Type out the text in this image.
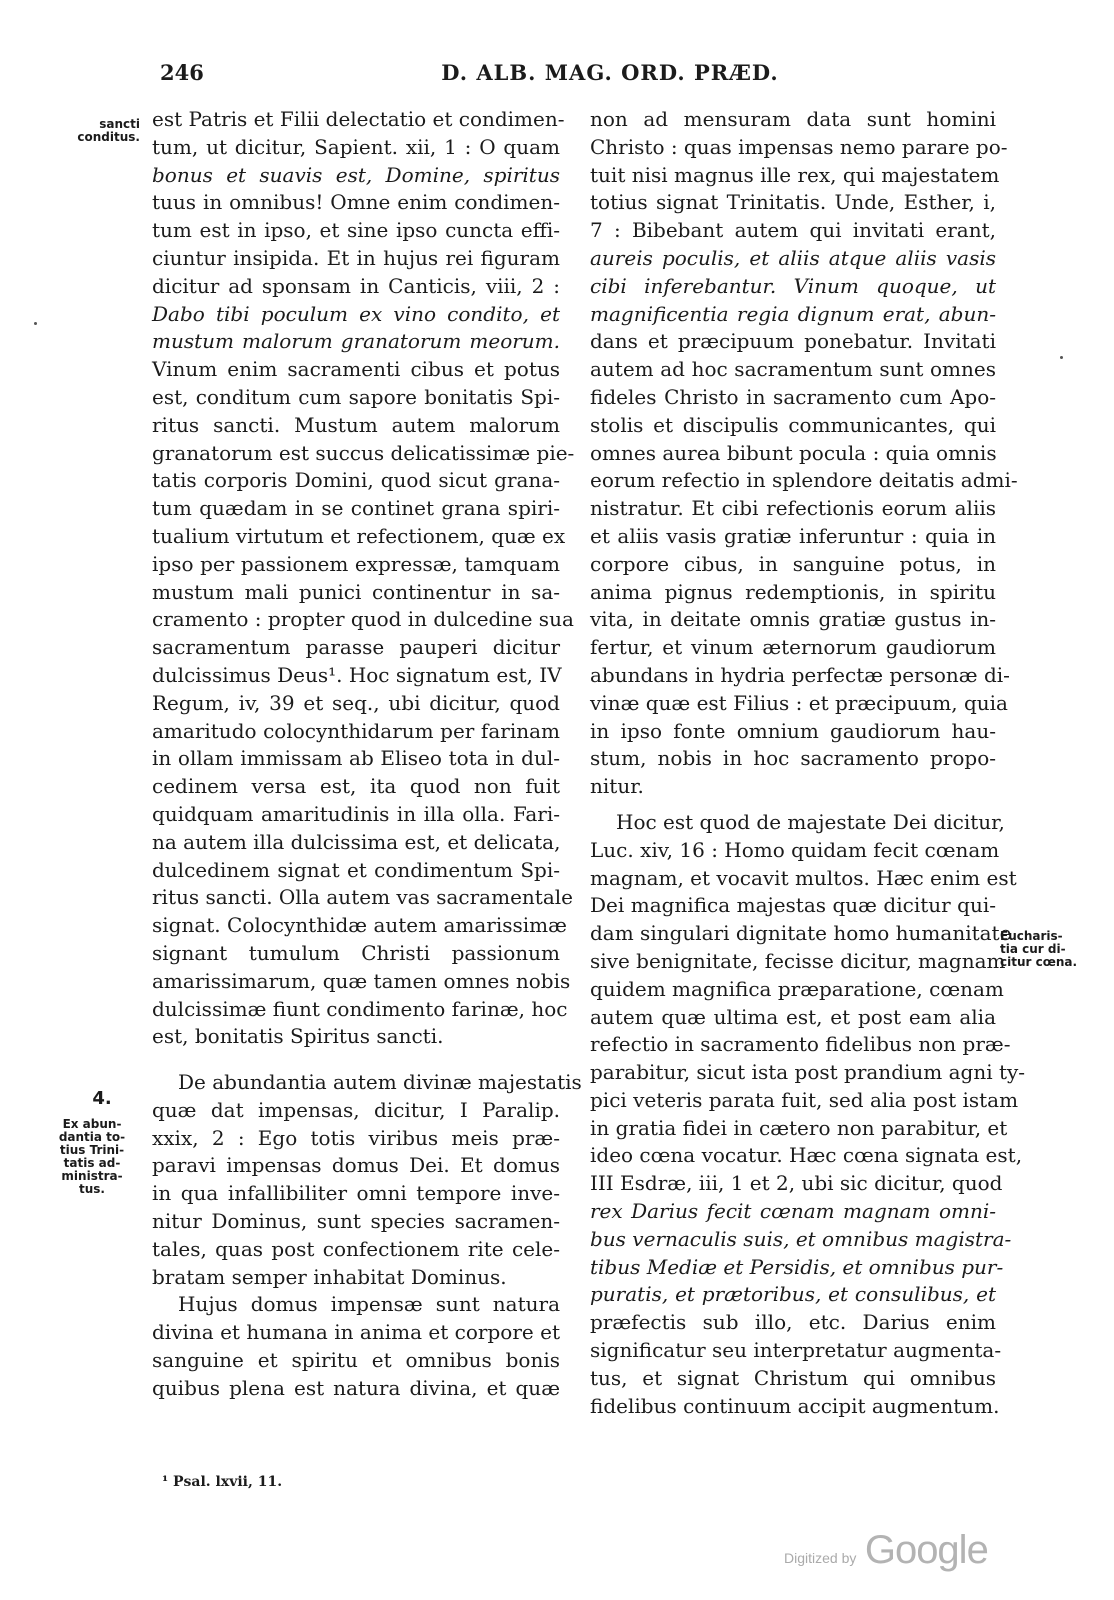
246	D. ALB. MAG. ORD. PRÆD.
sancti
conditus.
4.
Ex abun-
dantia to-
tius Trini-
tatis ad-
ministra-
tus.
Eucharis-
tia cur di-
citur cœna.

est Patris et Filii delectatio et condimen-
tum, ut dicitur, Sapient. xii, 1 : O quam
bonus et suavis est, Domine, spiritus
tuus in omnibus! Omne enim condimen-
tum est in ipso, et sine ipso cuncta effi-
ciuntur insipida. Et in hujus rei figuram
dicitur ad sponsam in Canticis, viii, 2 :
Dabo tibi poculum ex vino condito, et
mustum malorum granatorum meorum.
Vinum enim sacramenti cibus et potus
est, conditum cum sapore bonitatis Spi-
ritus sancti. Mustum autem malorum
granatorum est succus delicatissimæ pie-
tatis corporis Domini, quod sicut grana-
tum quædam in se continet grana spiri-
tualium virtutum et refectionem, quæ ex
ipso per passionem expressæ, tamquam
mustum mali punici continentur in sa-
cramento : propter quod in dulcedine sua
sacramentum parasse pauperi dicitur
dulcissimus Deus¹. Hoc signatum est, IV
Regum, iv, 39 et seq., ubi dicitur, quod
amaritudo colocynthidarum per farinam
in ollam immissam ab Eliseo tota in dul-
cedinem versa est, ita quod non fuit
quidquam amaritudinis in illa olla. Fari-
na autem illa dulcissima est, et delicata,
dulcedinem signat et condimentum Spi-
ritus sancti. Olla autem vas sacramentale
signat. Colocynthidæ autem amarissimæ
signant tumulum Christi passionum
amarissimarum, quæ tamen omnes nobis
dulcissimæ fiunt condimento farinæ, hoc
est, bonitatis Spiritus sancti.

De abundantia autem divinæ majestatis
quæ dat impensas, dicitur, I Paralip.
xxix, 2 : Ego totis viribus meis præ-
paravi impensas domus Dei. Et domus
in qua infallibiliter omni tempore inve-
nitur Dominus, sunt species sacramen-
tales, quas post confectionem rite cele-
bratam semper inhabitat Dominus.

Hujus domus impensæ sunt natura
divina et humana in anima et corpore et
sanguine et spiritu et omnibus bonis
quibus plena est natura divina, et quæ

non ad mensuram data sunt homini
Christo : quas impensas nemo parare po-
tuit nisi magnus ille rex, qui majestatem
totius signat Trinitatis. Unde, Esther, i,
7 : Bibebant autem qui invitati erant,
aureis poculis, et aliis atque aliis vasis
cibi inferebantur. Vinum quoque, ut
magnificentia regia dignum erat, abun-
dans et præcipuum ponebatur. Invitati
autem ad hoc sacramentum sunt omnes
fideles Christo in sacramento cum Apo-
stolis et discipulis communicantes, qui
omnes aurea bibunt pocula : quia omnis
eorum refectio in splendore deitatis admi-
nistratur. Et cibi refectionis eorum aliis
et aliis vasis gratiæ inferuntur : quia in
corpore cibus, in sanguine potus, in
anima pignus redemptionis, in spiritu
vita, in deitate omnis gratiæ gustus in-
fertur, et vinum æternorum gaudiorum
abundans in hydria perfectæ personæ di-
vinæ quæ est Filius : et præcipuum, quia
in ipso fonte omnium gaudiorum hau-
stum, nobis in hoc sacramento propo-
nitur.

Hoc est quod de majestate Dei dicitur,
Luc. xiv, 16 : Homo quidam fecit cœnam
magnam, et vocavit multos. Hæc enim est
Dei magnifica majestas quæ dicitur qui-
dam singulari dignitate homo humanitate
sive benignitate, fecisse dicitur, magnam
quidem magnifica præparatione, cœnam
autem quæ ultima est, et post eam alia
refectio in sacramento fidelibus non præ-
parabitur, sicut ista post prandium agni ty-
pici veteris parata fuit, sed alia post istam
in gratia fidei in cætero non parabitur, et
ideo cœna vocatur. Hæc cœna signata est,
III Esdræ, iii, 1 et 2, ubi sic dicitur, quod
rex Darius fecit cœnam magnam omni-
bus vernaculis suis, et omnibus magistra-
tibus Mediæ et Persidis, et omnibus pur-
puratis, et prætoribus, et consulibus, et
præfectis sub illo, etc. Darius enim
significatur seu interpretatur augmenta-
tus, et signat Christum qui omnibus
fidelibus continuum accipit augmentum.

¹ Psal. lxvii, 11.
Digitized by Google
